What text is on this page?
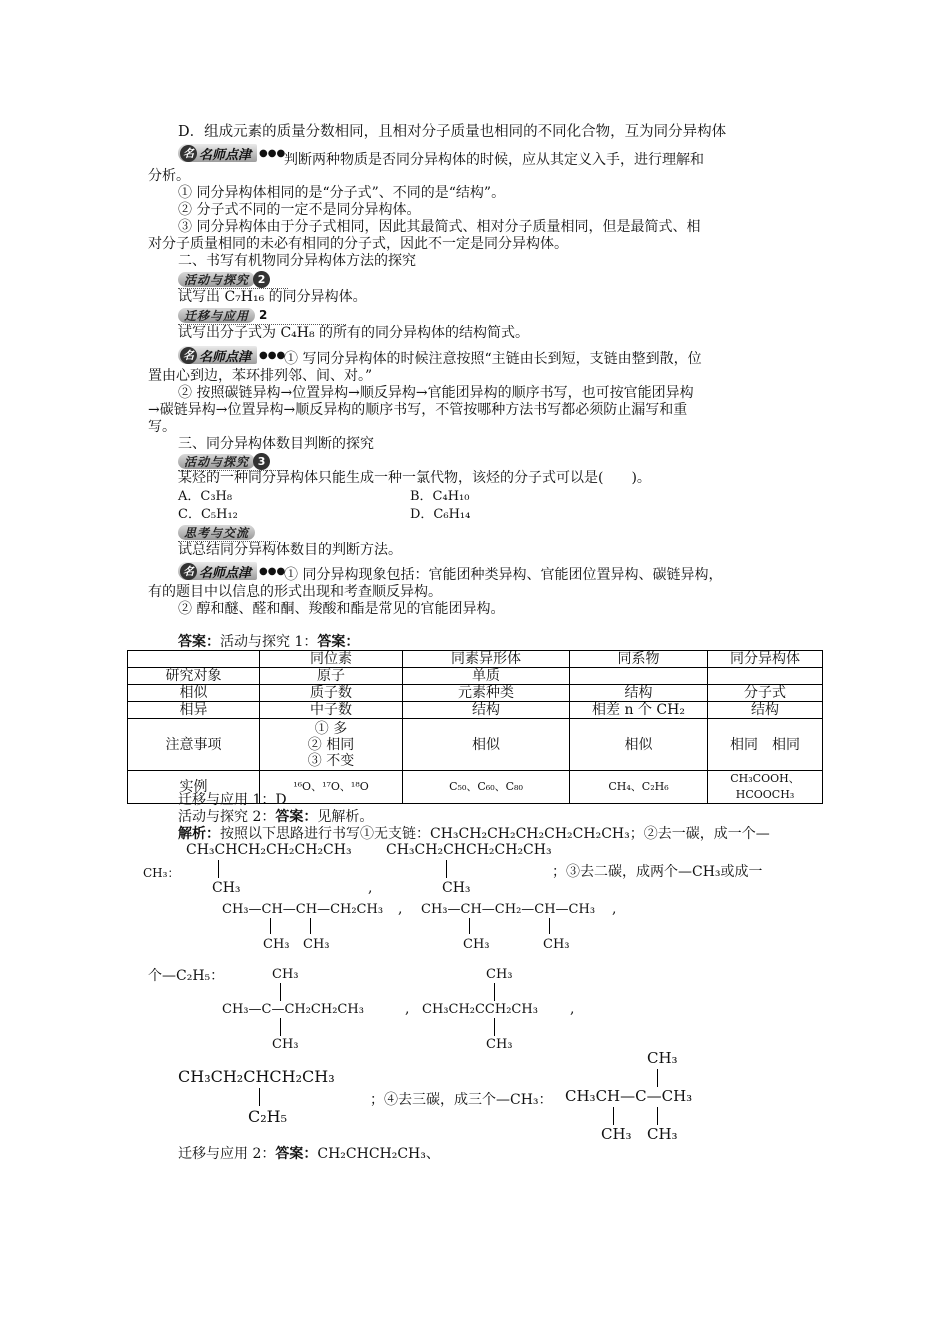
D．组成元素的质量分数相同，且相对分子质量也相同的不同化合物，互为同分异构体
名 名师点津 ●●●
判断两种物质是否同分异构体的时候，应从其定义入手，进行理解和
分析。
① 同分异构体相同的是“分子式”、不同的是“结构”。
② 分子式不同的一定不是同分异构体。
③ 同分异构体由于分子式相同，因此其最简式、相对分子质量相同，但是最简式、相
对分子质量相同的未必有相同的分子式，因此不一定是同分异构体。
二、书写有机物同分异构体方法的探究
活动与探究 2
试写出 C₇H₁₆ 的同分异构体。
迁移与应用 2
试写出分子式为 C₄H₈ 的所有的同分异构体的结构简式。
名 名师点津 ●●●
① 写同分异构体的时候注意按照“主链由长到短，支链由整到散，位
置由心到边，苯环排列邻、间、对。”
② 按照碳链异构→位置异构→顺反异构→官能团异构的顺序书写，也可按官能团异构
→碳链异构→位置异构→顺反异构的顺序书写，不管按哪种方法书写都必须防止漏写和重
写。
三、同分异构体数目判断的探究
活动与探究 3
某烃的一种同分异构体只能生成一种一氯代物，该烃的分子式可以是(　　)。
A．C₃H₈	B．C₄H₁₀
C．C₅H₁₂	D．C₆H₁₄
思考与交流
试总结同分异构体数目的判断方法。
名 名师点津 ●●●
① 同分异构现象包括：官能团种类异构、官能团位置异构、碳链异构，
有的题目中以信息的形式出现和考查顺反异构。
② 醇和醚、醛和酮、羧酸和酯是常见的官能团异构。
答案：活动与探究 1：答案：
	同位素	同素异形体	同系物	同分异构体
研究对象	原子	单质		
相似	质子数	元素种类	结构	分子式
相异	中子数	结构	相差 n 个 CH₂	结构
注意事项	① 多
② 相同
③ 不变	相似	相似	相同　相同
实例	¹⁶O、¹⁷O、¹⁸O	C₅₀、C₆₀、C₈₀	CH₄、C₂H₆	CH₃COOH、HCOOCH₃
迁移与应用 1：D
活动与探究 2：答案：见解析。
解析：按照以下思路进行书写①无支链：CH₃CH₂CH₂CH₂CH₂CH₂CH₃；②去一碳，成一个—
CH₃CHCH₂CH₂CH₂CH₃
CH₃：
CH₃	,
CH₃CH₂CHCH₂CH₂CH₃
CH₃
；③去二碳，成两个—CH₃或成一
CH₃—CH—CH—CH₂CH₃
CH₃ CH₃
, CH₃—CH—CH₂—CH—CH₃
CH₃	CH₃
,
个—C₂H₅：	CH₃
CH₃—C—CH₂CH₂CH₃
CH₃
,
CH₃
CH₃CH₂CCH₂CH₃
CH₃
,
CH₃CH₂CHCH₂CH₃
C₂H₅
；④去三碳，成三个—CH₃：
CH₃
CH₃CH—C—CH₃
CH₃ CH₃
迁移与应用 2：答案：CH₂CHCH₂CH₃、
